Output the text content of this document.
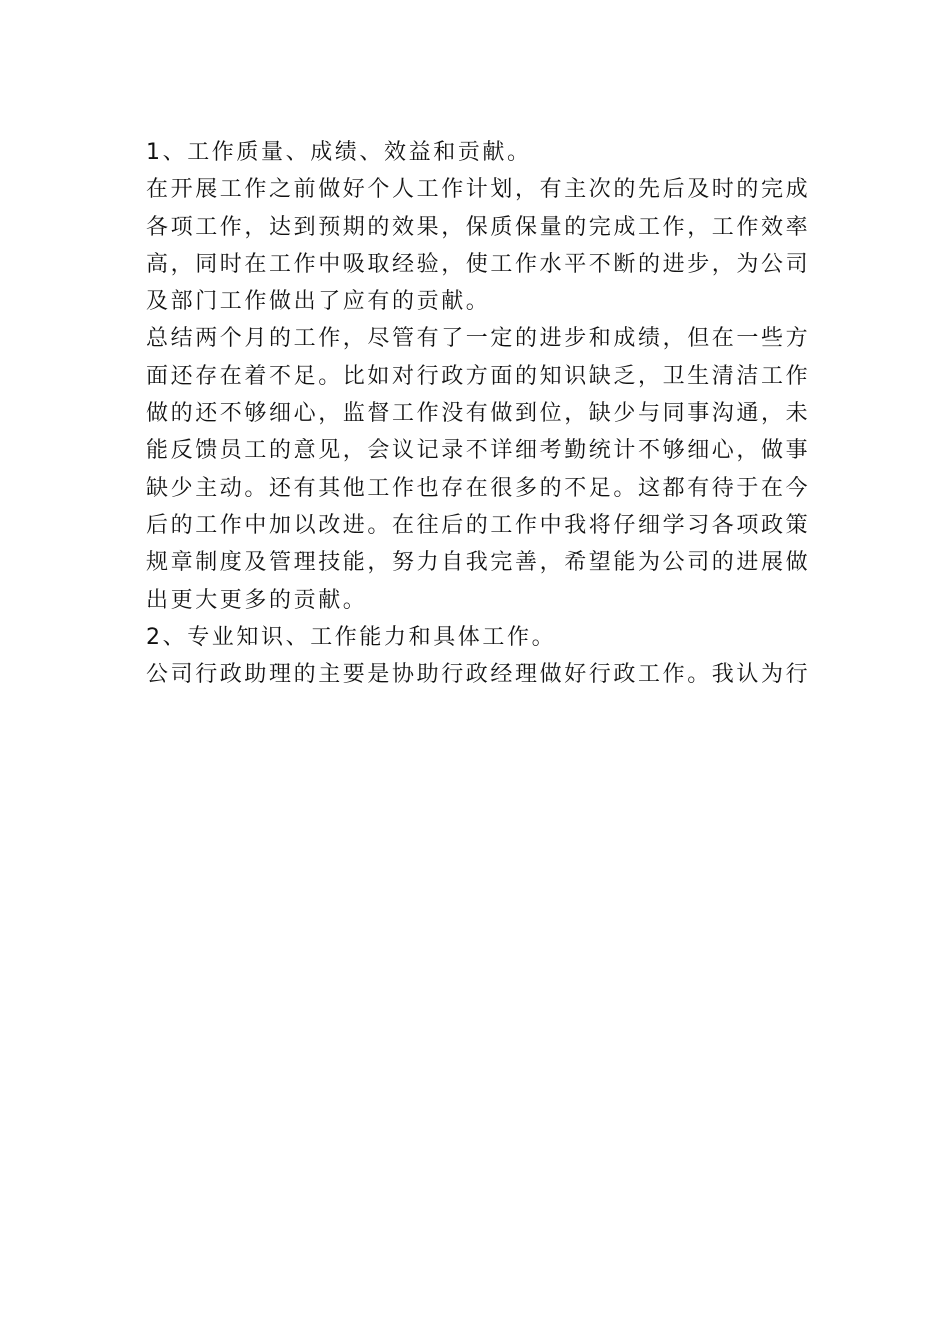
1、工作质量、成绩、效益和贡献。
在开展工作之前做好个人工作计划，有主次的先后及时的完成
各项工作，达到预期的效果，保质保量的完成工作，工作效率
高，同时在工作中吸取经验，使工作水平不断的进步，为公司
及部门工作做出了应有的贡献。
总结两个月的工作，尽管有了一定的进步和成绩，但在一些方
面还存在着不足。比如对行政方面的知识缺乏，卫生清洁工作
做的还不够细心，监督工作没有做到位，缺少与同事沟通，未
能反馈员工的意见，会议记录不详细考勤统计不够细心，做事
缺少主动。还有其他工作也存在很多的不足。这都有待于在今
后的工作中加以改进。在往后的工作中我将仔细学习各项政策
规章制度及管理技能，努力自我完善，希望能为公司的进展做
出更大更多的贡献。
2、专业知识、工作能力和具体工作。
公司行政助理的主要是协助行政经理做好行政工作。我认为行
